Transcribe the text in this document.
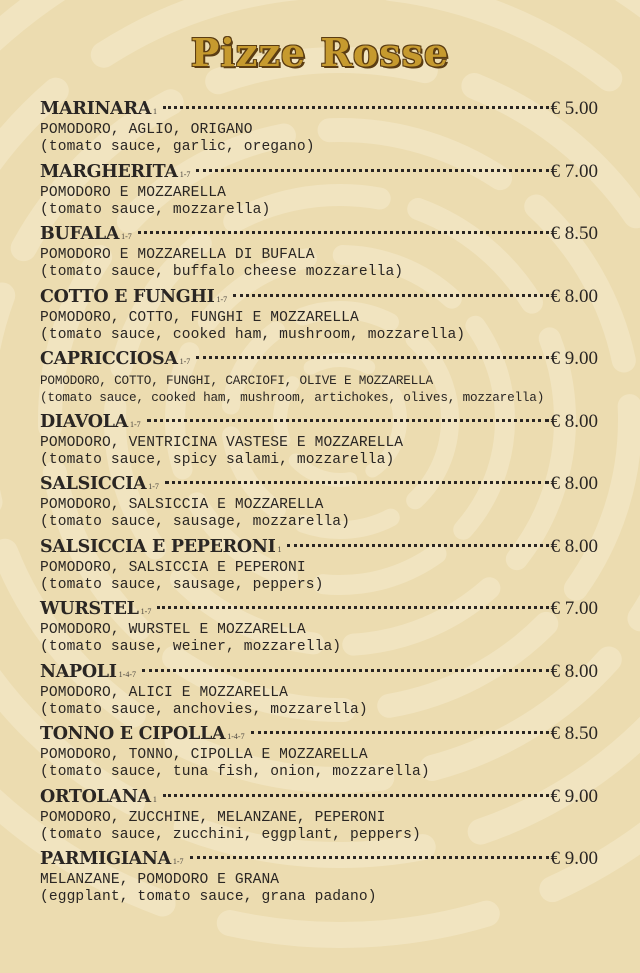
Pizze Rosse
MARINARA 1	€ 5.00
POMODORO, AGLIO, ORIGANO
(tomato sauce, garlic, oregano)
MARGHERITA 1-7	€ 7.00
POMODORO E MOZZARELLA
(tomato sauce, mozzarella)
BUFALA 1-7	€ 8.50
POMODORO E MOZZARELLA DI BUFALA
(tomato sauce, buffalo cheese mozzarella)
COTTO E FUNGHI 1-7	€ 8.00
POMODORO, COTTO, FUNGHI E MOZZARELLA
(tomato sauce, cooked ham, mushroom, mozzarella)
CAPRICCIOSA 1-7	€ 9.00
POMODORO, COTTO, FUNGHI, CARCIOFI, OLIVE E MOZZARELLA
(tomato sauce, cooked ham, mushroom, artichokes, olives, mozzarella)
DIAVOLA 1-7	€ 8.00
POMODORO, VENTRICINA VASTESE E MOZZARELLA
(tomato sauce, spicy salami, mozzarella)
SALSICCIA 1-7	€ 8.00
POMODORO, SALSICCIA E MOZZARELLA
(tomato sauce, sausage, mozzarella)
SALSICCIA E PEPERONI 1	€ 8.00
POMODORO, SALSICCIA E PEPERONI
(tomato sauce, sausage, peppers)
WURSTEL 1-7	€ 7.00
POMODORO, WURSTEL E MOZZARELLA
(tomato sause, weiner, mozzarella)
NAPOLI 1-4-7	€ 8.00
POMODORO, ALICI E MOZZARELLA
(tomato sauce, anchovies, mozzarella)
TONNO E CIPOLLA 1-4-7	€ 8.50
POMODORO, TONNO, CIPOLLA E MOZZARELLA
(tomato sauce, tuna fish, onion, mozzarella)
ORTOLANA 1	€ 9.00
POMODORO, ZUCCHINE, MELANZANE, PEPERONI
(tomato sauce, zucchini, eggplant, peppers)
PARMIGIANA 1-7	€ 9.00
MELANZANE, POMODORO E GRANA
(eggplant, tomato sauce, grana padano)
